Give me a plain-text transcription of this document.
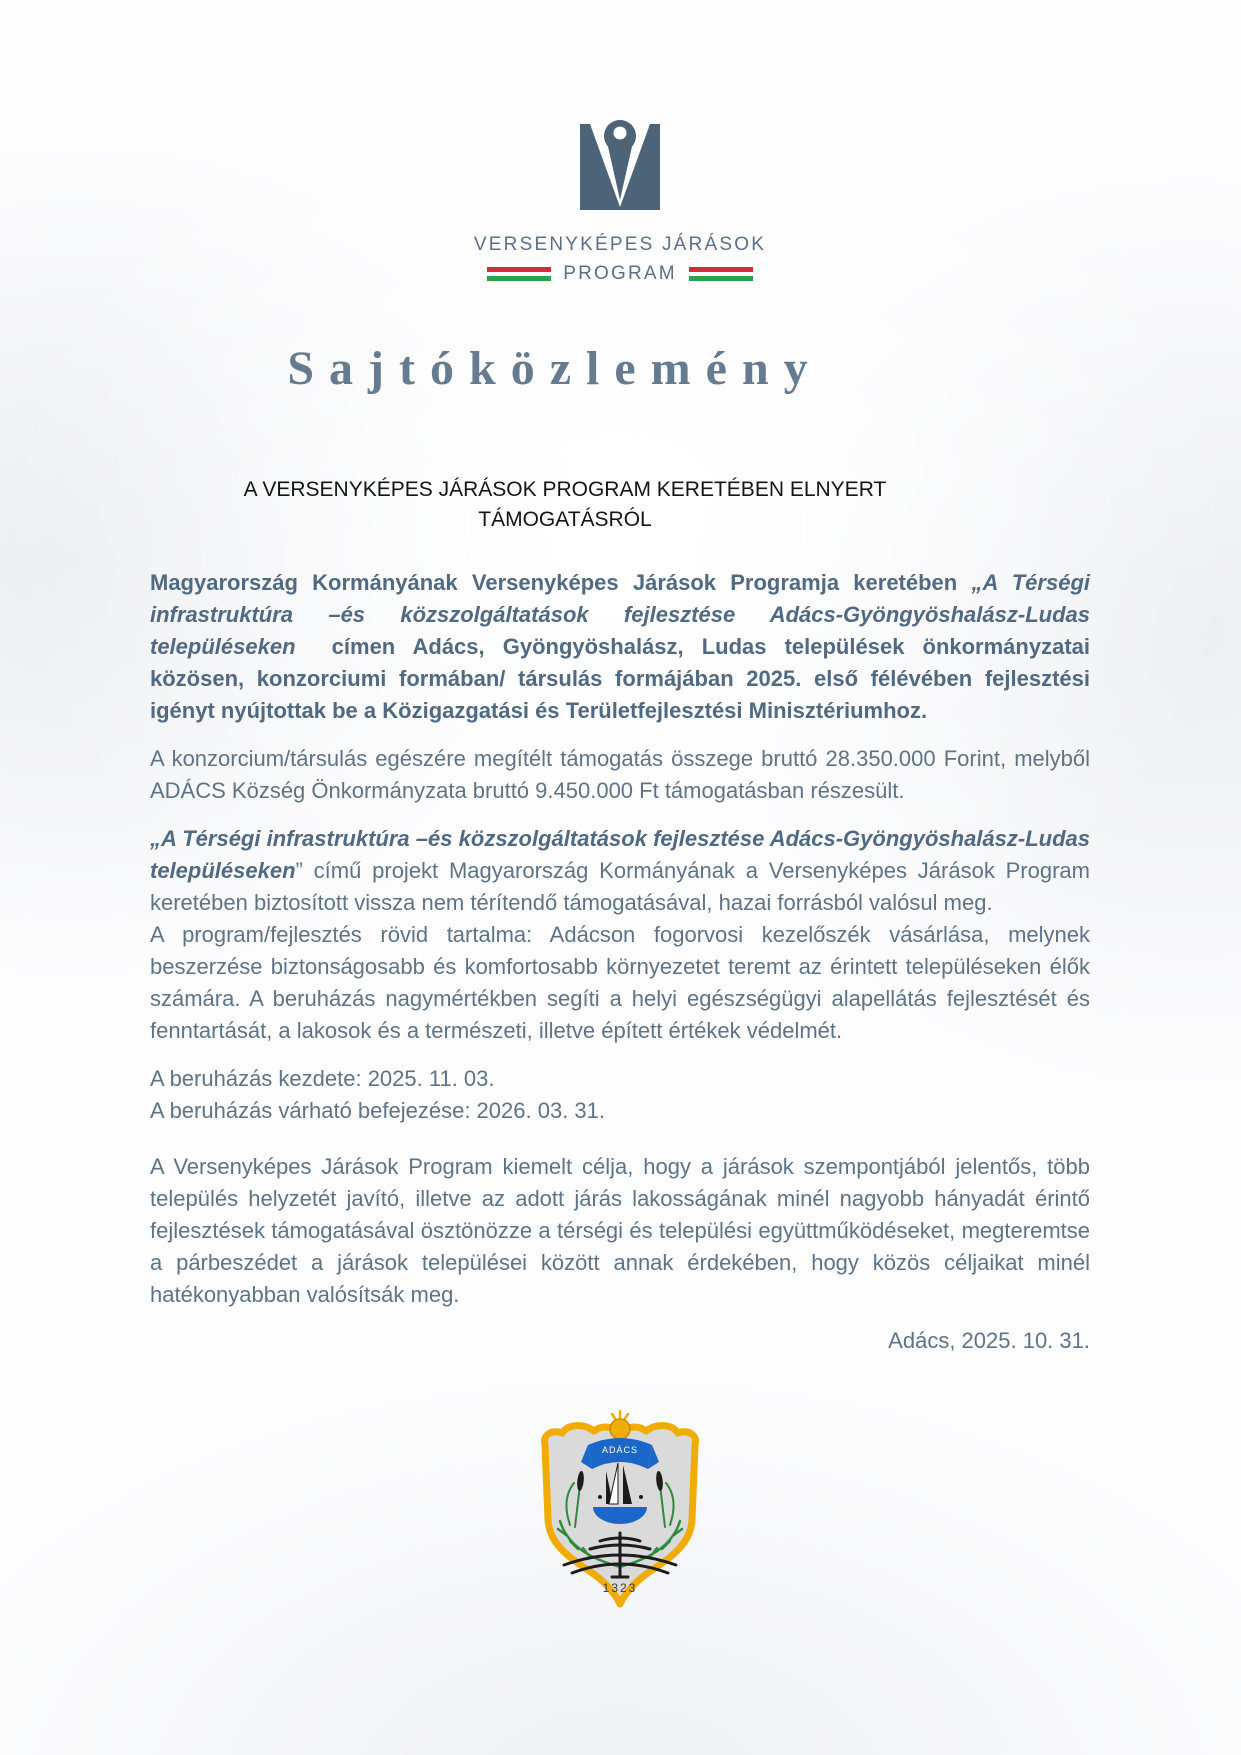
VERSENYKÉPES JÁRÁSOK
PROGRAM
Sajtóközlemény
A VERSENYKÉPES JÁRÁSOK PROGRAM KERETÉBEN ELNYERT
TÁMOGATÁSRÓL

Magyarország Kormányának Versenyképes Járások Programja keretében „A Térségi infrastruktúra –és közszolgáltatások fejlesztése Adács-Gyöngyöshalász-Ludas településeken  címen Adács, Gyöngyöshalász, Ludas települések önkormányzatai közösen, konzorciumi formában/ társulás formájában 2025. első félévében fejlesztési igényt nyújtottak be a Közigazgatási és Területfejlesztési Minisztériumhoz.

A konzorcium/társulás egészére megítélt támogatás összege bruttó 28.350.000 Forint, melyből ADÁCS Község Önkormányzata bruttó 9.450.000 Ft támogatásban részesült.

„A Térségi infrastruktúra –és közszolgáltatások fejlesztése Adács-Gyöngyöshalász-Ludas településeken” című projekt Magyarország Kormányának a Versenyképes Járások Program keretében biztosított vissza nem térítendő támogatásával, hazai forrásból valósul meg.

A program/fejlesztés rövid tartalma: Adácson fogorvosi kezelőszék vásárlása, melynek beszerzése biztonságosabb és komfortosabb környezetet teremt az érintett településeken élők számára. A beruházás nagymértékben segíti a helyi egészségügyi alapellátás fejlesztését és fenntartását, a lakosok és a természeti, illetve épített értékek védelmét.

A beruházás kezdete: 2025. 11. 03.

A beruházás várható befejezése: 2026. 03. 31.

A Versenyképes Járások Program kiemelt célja, hogy a járások szempontjából jelentős, több település helyzetét javító, illetve az adott járás lakosságának minél nagyobb hányadát érintő fejlesztések támogatásával ösztönözze a térségi és települési együttműködéseket, megteremtse a párbeszédet a járások települései között annak érdekében, hogy közös céljaikat minél hatékonyabban valósítsák meg.

Adács, 2025. 10. 31.
ADÁCS
1323
